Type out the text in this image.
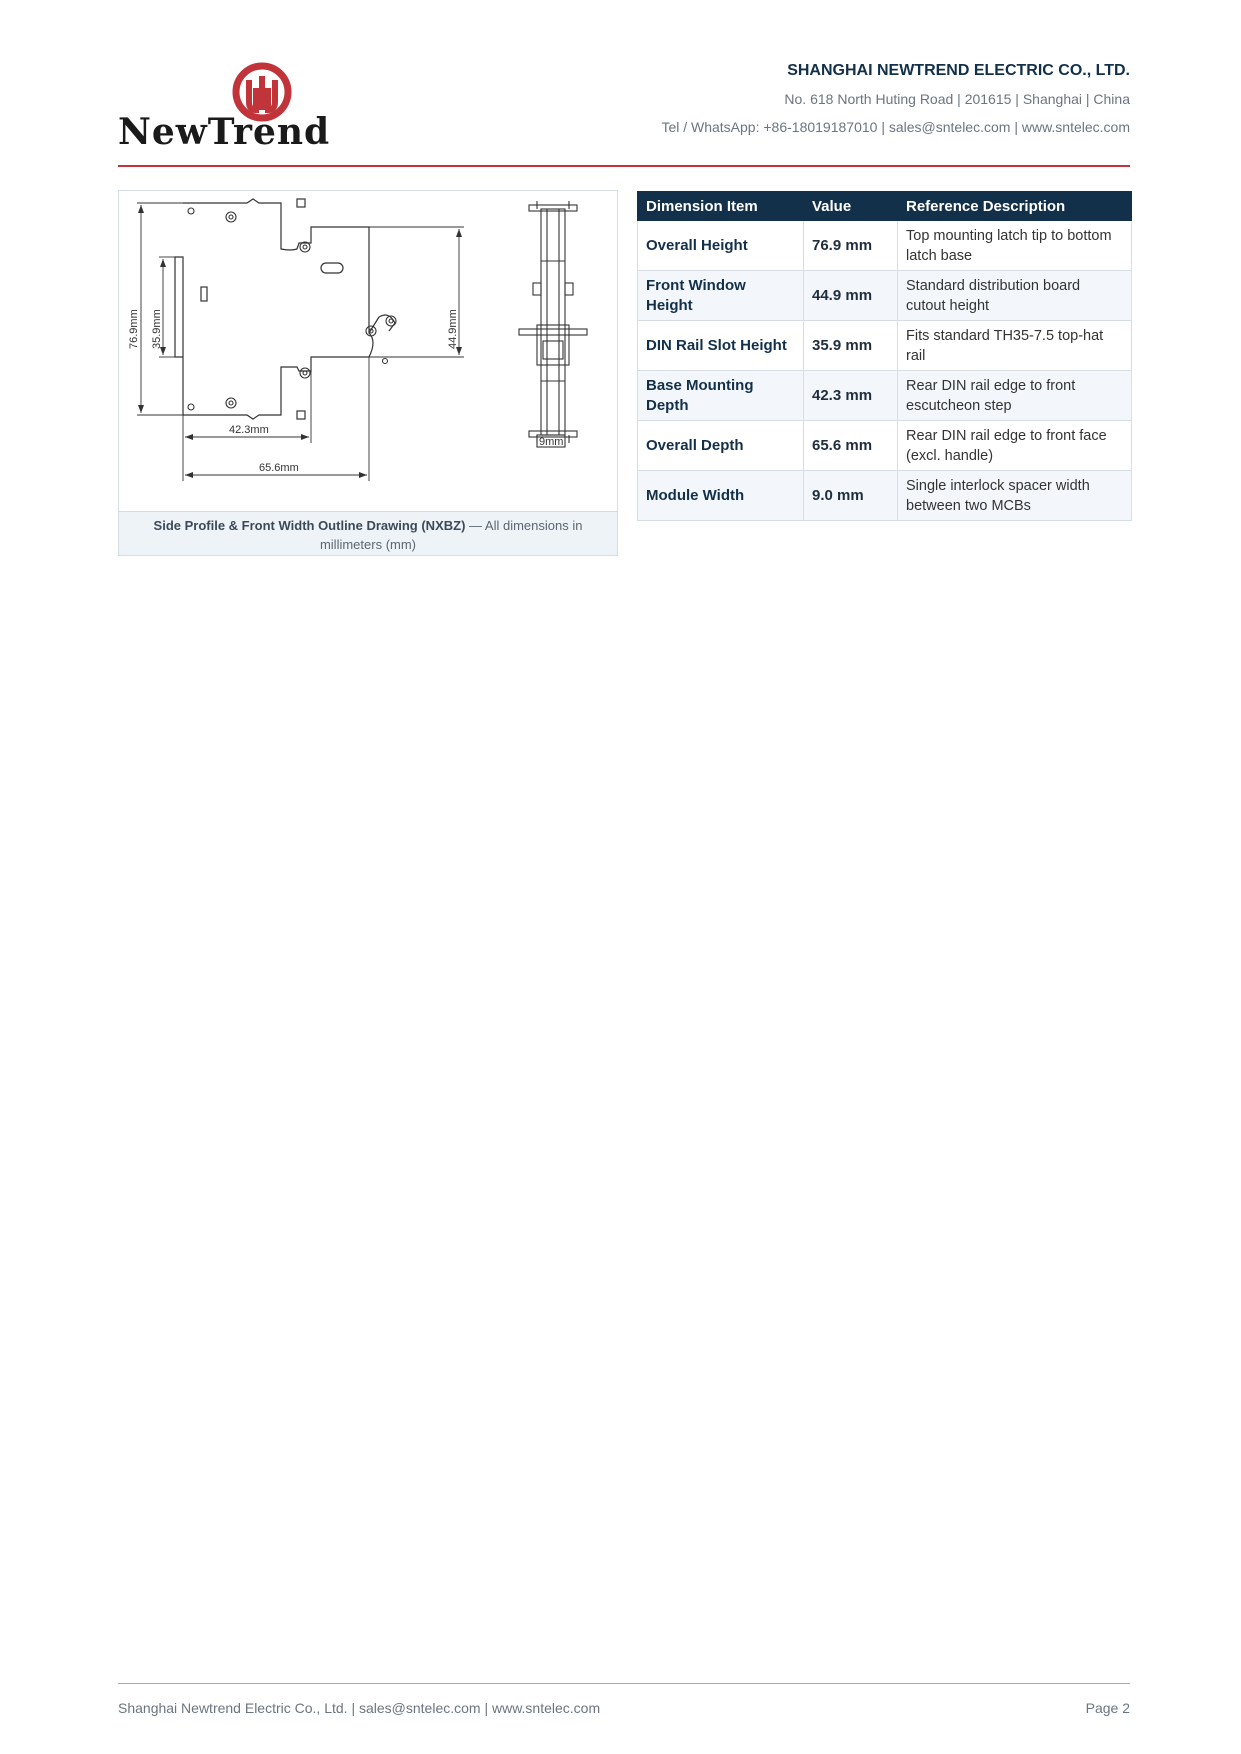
NewTrend
SHANGHAI NEWTREND ELECTRIC CO., LTD.
No. 618 North Huting Road | 201615 | Shanghai | China
Tel / WhatsApp: +86-18019187010 | sales@sntelec.com | www.sntelec.com
76.9mm 35.9mm	44.9mm
42.3mm
65.6mm
9mm
Side Profile & Front Width Outline Drawing (NXBZ) — All dimensions in millimeters (mm)
Dimension Item	Value	Reference Description
Overall Height	76.9 mm	Top mounting latch tip to bottom latch base
Front Window Height	44.9 mm	Standard distribution board cutout height
DIN Rail Slot Height	35.9 mm	Fits standard TH35-7.5 top-hat rail
Base Mounting Depth	42.3 mm	Rear DIN rail edge to front escutcheon step
Overall Depth	65.6 mm	Rear DIN rail edge to front face (excl. handle)
Module Width	9.0 mm	Single interlock spacer width between two MCBs
Shanghai Newtrend Electric Co., Ltd. | sales@sntelec.com | www.sntelec.com	Page 2
